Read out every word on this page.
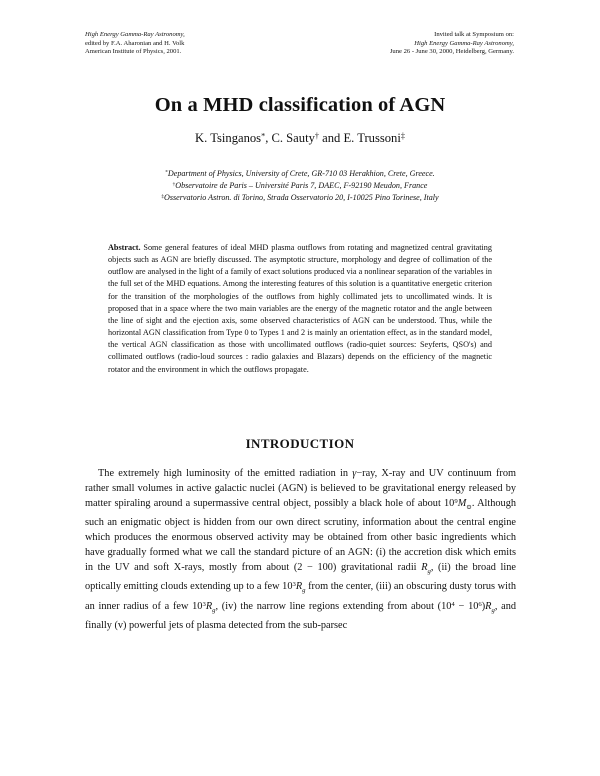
High Energy Gamma-Ray Astronomy,
edited by F.A. Aharonian and H. Volk
American Institute of Physics, 2001.
Invited talk at Symposium on:
High Energy Gamma-Ray Astronomy,
June 26 - June 30, 2000, Heidelberg, Germany.
On a MHD classification of AGN
K. Tsinganos*, C. Sauty† and E. Trussoni‡
*Department of Physics, University of Crete, GR-710 03 Herakhion, Crete, Greece.
†Observatoire de Paris – Université Paris 7, DAEC, F-92190 Meudon, France
‡Osservatorio Astron. di Torino, Strada Osservatorio 20, I-10025 Pino Torinese, Italy
Abstract. Some general features of ideal MHD plasma outflows from rotating and magnetized central gravitating objects such as AGN are briefly discussed. The asymptotic structure, morphology and degree of collimation of the outflow are analysed in the light of a family of exact solutions produced via a nonlinear separation of the variables in the full set of the MHD equations. Among the interesting features of this solution is a quantitative energetic criterion for the transition of the morphologies of the outflows from highly collimated jets to uncollimated winds. It is proposed that in a space where the two main variables are the energy of the magnetic rotator and the angle between the line of sight and the ejection axis, some observed characteristics of AGN can be understood. Thus, while the horizontal AGN classification from Type 0 to Types 1 and 2 is mainly an orientation effect, as in the standard model, the vertical AGN classification as those with uncollimated outflows (radio-quiet sources: Seyferts, QSO's) and collimated outflows (radio-loud sources : radio galaxies and Blazars) depends on the efficiency of the magnetic rotator and the environment in which the outflows propagate.
INTRODUCTION
The extremely high luminosity of the emitted radiation in γ−ray, X-ray and UV continuum from rather small volumes in active galactic nuclei (AGN) is believed to be gravitational energy released by matter spiraling around a supermassive central object, possibly a black hole of about $10^9M_⊙$. Although such an enigmatic object is hidden from our own direct scrutiny, information about the central engine which produces the enormous observed activity may be obtained from other basic ingredients which have gradually formed what we call the standard picture of an AGN: (i) the accretion disk which emits in the UV and soft X-rays, mostly from about (2 − 100) gravitational radii $R_g$, (ii) the broad line optically emitting clouds extending up to a few $10^3R_g$ from the center, (iii) an obscuring dusty torus with an inner radius of a few $10^3R_g$, (iv) the narrow line regions extending from about $(10^4 - 10^6)R_g$, and finally (v) powerful jets of plasma detected from the sub-parsec
